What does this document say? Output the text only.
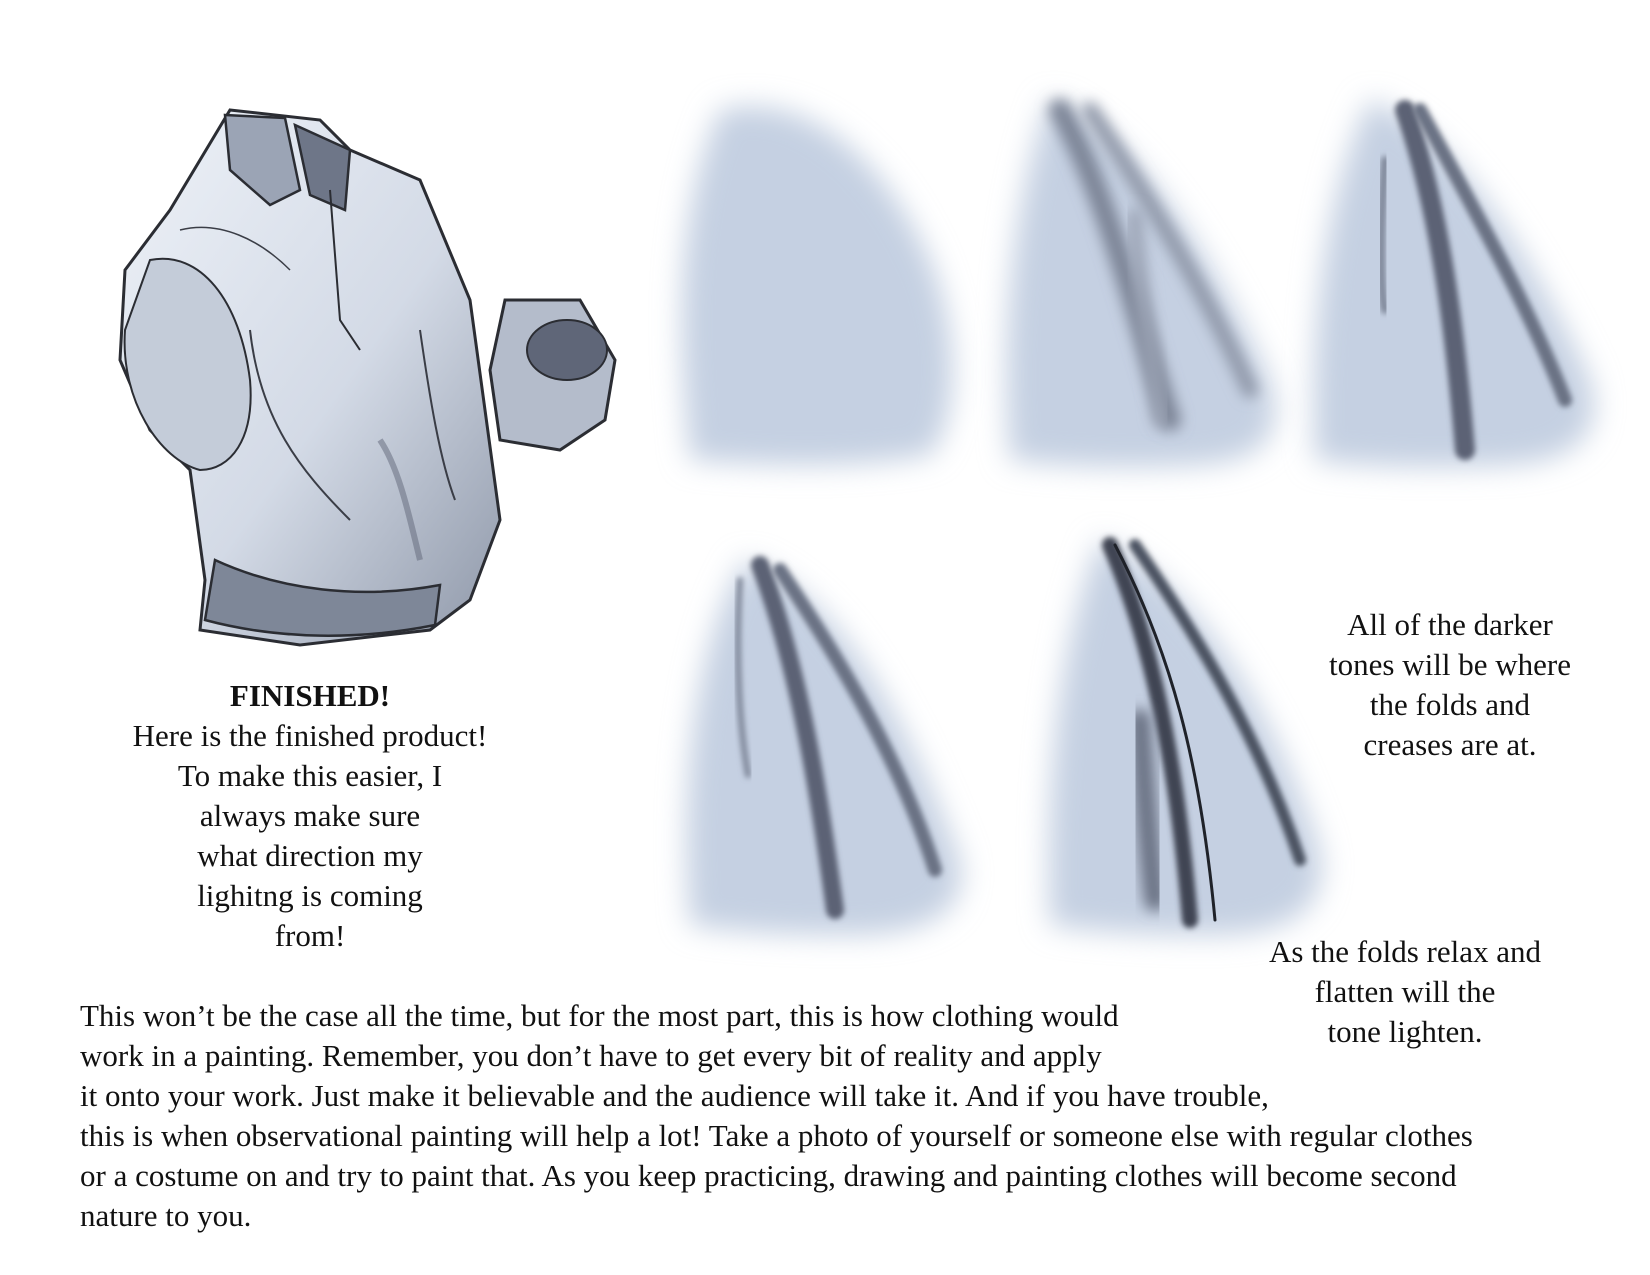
FINISHED!
Here is the finished product!
To make this easier, I
always make sure
what direction my
lighitng is coming
from!
All of the darker
tones will be where
the folds and
creases are at.
As the folds relax and
flatten will the
tone lighten.
This won’t be the case all the time, but for the most part, this is how clothing would
work in a painting. Remember, you don’t have to get every bit of reality and apply
it onto your work. Just make it believable and the audience will take it. And if you have trouble,
this is when observational painting will help a lot! Take a photo of yourself or someone else with regular clothes
or a costume on and try to paint that. As you keep practicing, drawing and painting clothes will become second
nature to you.
